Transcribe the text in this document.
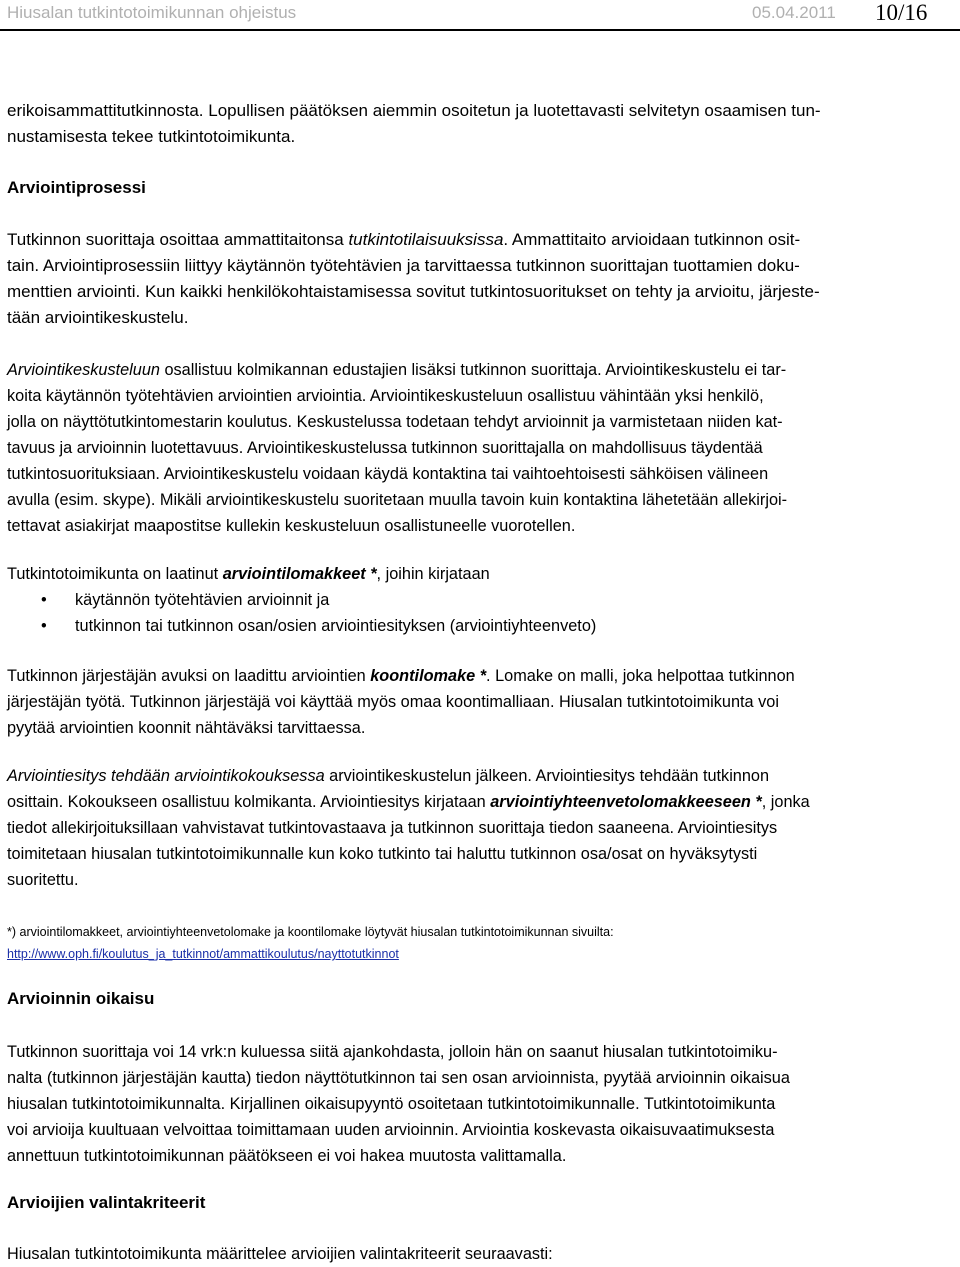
Hiusalan tutkintotoimikunnan ohjeistus	05.04.2011 10/16

erikoisammattitutkinnosta. Lopullisen päätöksen aiemmin osoitetun ja luotettavasti selvitetyn osaamisen tun-
nustamisesta tekee tutkintotoimikunta.

Arviointiprosessi

Tutkinnon suorittaja osoittaa ammattitaitonsa tutkintotilaisuuksissa. Ammattitaito arvioidaan tutkinnon osit-
tain. Arviointiprosessiin liittyy käytännön työtehtävien ja tarvittaessa tutkinnon suorittajan tuottamien doku-
menttien arviointi. Kun kaikki henkilökohtaistamisessa sovitut tutkintosuoritukset on tehty ja arvioitu, järjeste-
tään arviointikeskustelu.

Arviointikeskusteluun osallistuu kolmikannan edustajien lisäksi tutkinnon suorittaja. Arviointikeskustelu ei tar-
koita käytännön työtehtävien arviointien arviointia. Arviointikeskusteluun osallistuu vähintään yksi henkilö,
jolla on näyttötutkintomestarin koulutus. Keskustelussa todetaan tehdyt arvioinnit ja varmistetaan niiden kat-
tavuus ja arvioinnin luotettavuus. Arviointikeskustelussa tutkinnon suorittajalla on mahdollisuus täydentää
tutkintosuorituksiaan. Arviointikeskustelu voidaan käydä kontaktina tai vaihtoehtoisesti sähköisen välineen
avulla (esim. skype). Mikäli arviointikeskustelu suoritetaan muulla tavoin kuin kontaktina lähetetään allekirjoi-
tettavat asiakirjat maapostitse kullekin keskusteluun osallistuneelle vuorotellen.

Tutkintotoimikunta on laatinut arviointilomakkeet *, joihin kirjataan

• käytännön työtehtävien arvioinnit ja
• tutkinnon tai tutkinnon osan/osien arviointiesityksen (arviointiyhteenveto)

Tutkinnon järjestäjän avuksi on laadittu arviointien koontilomake *. Lomake on malli, joka helpottaa tutkinnon
järjestäjän työtä. Tutkinnon järjestäjä voi käyttää myös omaa koontimalliaan. Hiusalan tutkintotoimikunta voi
pyytää arviointien koonnit nähtäväksi tarvittaessa.

Arviointiesitys tehdään arviointikokouksessa arviointikeskustelun jälkeen. Arviointiesitys tehdään tutkinnon
osittain. Kokoukseen osallistuu kolmikanta. Arviointiesitys kirjataan arviointiyhteenvetolomakkeeseen *, jonka
tiedot allekirjoituksillaan vahvistavat tutkintovastaava ja tutkinnon suorittaja tiedon saaneena. Arviointiesitys
toimitetaan hiusalan tutkintotoimikunnalle kun koko tutkinto tai haluttu tutkinnon osa/osat on hyväksytysti
suoritettu.

*) arviointilomakkeet, arviointiyhteenvetolomake ja koontilomake löytyvät hiusalan tutkintotoimikunnan sivuilta:
http://www.oph.fi/koulutus_ja_tutkinnot/ammattikoulutus/nayttotutkinnot

Arvioinnin oikaisu

Tutkinnon suorittaja voi 14 vrk:n kuluessa siitä ajankohdasta, jolloin hän on saanut hiusalan tutkintotoimiku-
nalta (tutkinnon järjestäjän kautta) tiedon näyttötutkinnon tai sen osan arvioinnista, pyytää arvioinnin oikaisua
hiusalan tutkintotoimikunnalta. Kirjallinen oikaisupyyntö osoitetaan tutkintotoimikunnalle. Tutkintotoimikunta
voi arvioija kuultuaan velvoittaa toimittamaan uuden arvioinnin. Arviointia koskevasta oikaisuvaatimuksesta
annettuun tutkintotoimikunnan päätökseen ei voi hakea muutosta valittamalla.

Arvioijien valintakriteerit

Hiusalan tutkintotoimikunta määrittelee arvioijien valintakriteerit seuraavasti:
